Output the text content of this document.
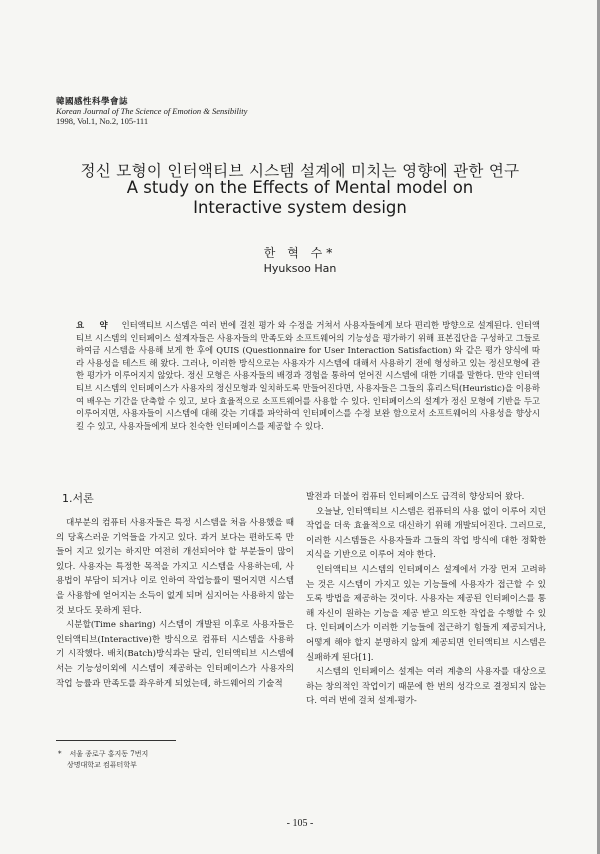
韓國感性科學會誌
Korean Journal of The Science of Emotion & Sensibility
1998, Vol.1, No.2, 105-111
정신 모형이 인터액티브 시스템 설계에 미치는 영향에 관한 연구
A study on the Effects of Mental model on Interactive system design
한 혁 수*
Hyuksoo Han
요 약 인터액티브 시스템은 여러 번에 걸친 평가 와 수정을 거쳐서 사용자들에게 보다 편리한 방향으로 설계된다. 인터액티브 시스템의 인터페이스 설계자들은 사용자들의 만족도와 소프트웨어의 기능성을 평가하기 위해 표본집단을 구성하고 그들로 하여금 시스템을 사용해 보게 한 후에 QUIS (Questionnaire for User Interaction Satisfaction) 와 같은 평가 양식에 따라 사용성을 테스트 해 왔다. 그러나, 이러한 방식으로는 사용자가 시스템에 대해서 사용하기 전에 형성하고 있는 정신모형에 관한 평가가 이루어지지 않았다. 정신 모형은 사용자들의 배경과 경험을 통하여 얻어진 시스템에 대한 기대를 말한다. 만약 인터액티브 시스템의 인터페이스가 사용자의 정신모형과 일치하도록 만들어진다면, 사용자들은 그들의 휴리스틱(Heuristic)을 이용하여 배우는 기간을 단축할 수 있고, 보다 효율적으로 소프트웨어를 사용할 수 있다. 인터페이스의 설계가 정신 모형에 기반을 두고 이루어지면, 사용자들이 시스템에 대해 갖는 기대를 파악하여 인터페이스를 수정 보완 함으로서 소프트웨어의 사용성을 향상시킬 수 있고, 사용자들에게 보다 친숙한 인터페이스를 제공할 수 있다.
1.서론

대부분의 컴퓨터 사용자들은 특정 시스템을 처음 사용했을 때의 당혹스러운 기억들을 가지고 있다. 과거 보다는 편하도록 만들어 지고 있기는 하지만 여전히 개선되어야 할 부분들이 많이 있다. 사용자는 특정한 목적을 가지고 시스템을 사용하는데, 사용법이 부담이 되거나 이로 인하여 작업능률이 떨어지면 시스템을 사용함에 얻어지는 소득이 없게 되며 심지어는 사용하지 않는 것 보다도 못하게 된다.

시분할(Time sharing) 시스템이 개발된 이후로 사용자들은 인터액티브(Interactive)한 방식으로 컴퓨터 시스템을 사용하기 시작했다. 배치(Batch)방식과는 달리, 인터액티브 시스템에서는 기능성이외에 시스템이 제공하는 인터페이스가 사용자의 작업 능률과 만족도를 좌우하게 되었는데, 하드웨어의 기술적

발전과 더불어 컴퓨터 인터페이스도 급격히 향상되어 왔다.

오늘날, 인터액티브 시스템은 컴퓨터의 사용 없이 이루어 지던 작업을 더욱 효율적으로 대신하기 위해 개발되어진다. 그러므로, 이러한 시스템들은 사용자들과 그들의 작업 방식에 대한 정확한 지식을 기반으로 이루어 져야 한다.

인터액티브 시스템의 인터페이스 설계에서 가장 먼저 고려하는 것은 시스템이 가지고 있는 기능들에 사용자가 접근할 수 있도록 방법을 제공하는 것이다. 사용자는 제공된 인터페이스를 통해 자신이 원하는 기능을 제공 받고 의도한 작업을 수행할 수 있다. 인터페이스가 이러한 기능들에 접근하기 힘들게 제공되거나, 어떻게 해야 할지 분명하지 않게 제공되면 인터액티브 시스템은 실패하게 된다[1].

시스템의 인터페이스 설계는 여러 계층의 사용자를 대상으로 하는 창의적인 작업이기 때문에 한 번의 성각으로 결정되지 않는다. 여러 번에 걸쳐 설계-평가-

* 서울 종로구 홍지동 7번지
상명대학교 컴퓨터학부
- 105 -
